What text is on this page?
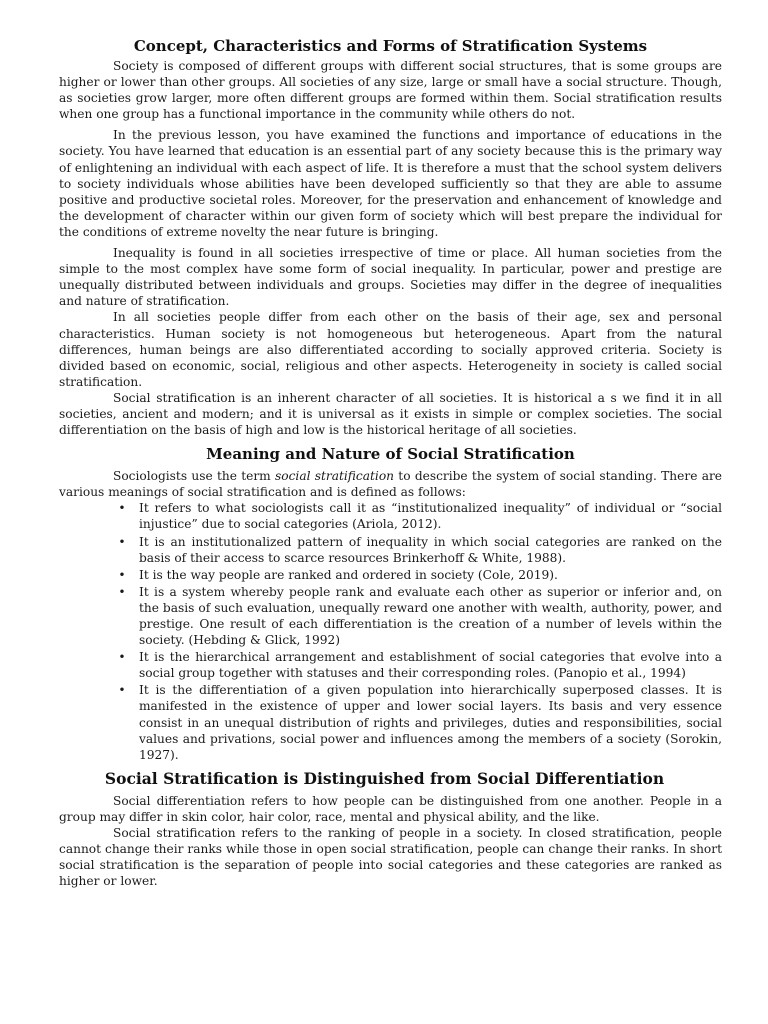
Concept, Characteristics and Forms of Stratification Systems

Society is composed of different groups with different social structures, that is some groups are higher or lower than other groups. All societies of any size, large or small have a social structure. Though, as societies grow larger, more often different groups are formed within them. Social stratification results when one group has a functional importance in the community while others do not.

In the previous lesson, you have examined the functions and importance of educations in the society. You have learned that education is an essential part of any society because this is the primary way of enlightening an individual with each aspect of life. It is therefore a must that the school system delivers to society individuals whose abilities have been developed sufficiently so that they are able to assume positive and productive societal roles. Moreover, for the preservation and enhancement of knowledge and the development of character within our given form of society which will best prepare the individual for the conditions of extreme novelty the near future is bringing.

Inequality is found in all societies irrespective of time or place. All human societies from the simple to the most complex have some form of social inequality. In particular, power and prestige are unequally distributed between individuals and groups. Societies may differ in the degree of inequalities and nature of stratification.

In all societies people differ from each other on the basis of their age, sex and personal characteristics. Human society is not homogeneous but heterogeneous. Apart from the natural differences, human beings are also differentiated according to socially approved criteria. Society is divided based on economic, social, religious and other aspects. Heterogeneity in society is called social stratification.

Social stratification is an inherent character of all societies. It is historical a s we find it in all societies, ancient and modern; and it is universal as it exists in simple or complex societies. The social differentiation on the basis of high and low is the historical heritage of all societies.

Meaning and Nature of Social Stratification

Sociologists use the term social stratification to describe the system of social standing. There are various meanings of social stratification and is defined as follows:

• It refers to what sociologists call it as “institutionalized inequality” of individual or “social injustice” due to social categories (Ariola, 2012).
• It is an institutionalized pattern of inequality in which social categories are ranked on the basis of their access to scarce resources Brinkerhoff & White, 1988).
• It is the way people are ranked and ordered in society (Cole, 2019).
• It is a system whereby people rank and evaluate each other as superior or inferior and, on the basis of such evaluation, unequally reward one another with wealth, authority, power, and prestige. One result of each differentiation is the creation of a number of levels within the society. (Hebding & Glick, 1992)
• It is the hierarchical arrangement and establishment of social categories that evolve into a social group together with statuses and their corresponding roles. (Panopio et al., 1994)
• It is the differentiation of a given population into hierarchically superposed classes. It is manifested in the existence of upper and lower social layers. Its basis and very essence consist in an unequal distribution of rights and privileges, duties and responsibilities, social values and privations, social power and influences among the members of a society (Sorokin, 1927).
Social Stratification is Distinguished from Social Differentiation

Social differentiation refers to how people can be distinguished from one another. People in a group may differ in skin color, hair color, race, mental and physical ability, and the like.

Social stratification refers to the ranking of people in a society. In closed stratification, people cannot change their ranks while those in open social stratification, people can change their ranks. In short social stratification is the separation of people into social categories and these categories are ranked as higher or lower.
